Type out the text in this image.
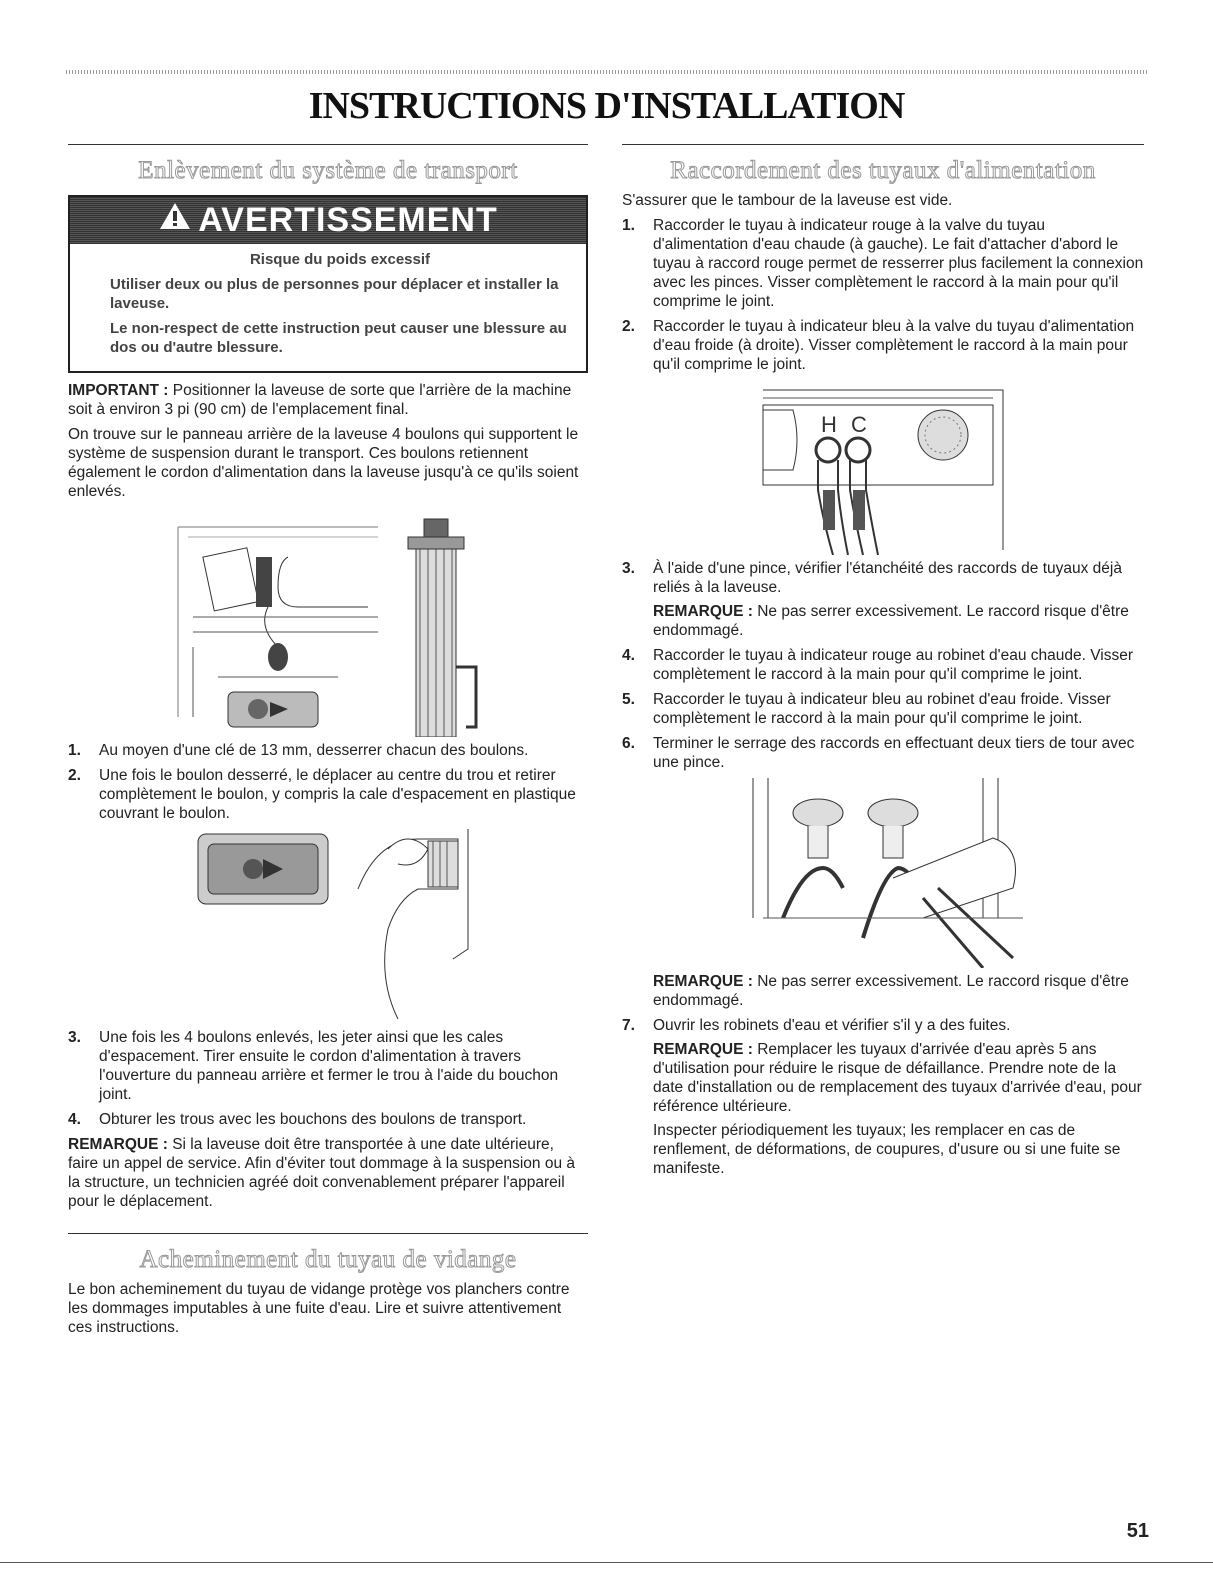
INSTRUCTIONS D'INSTALLATION
Enlèvement du système de transport
AVERTISSEMENT
Risque du poids excessif

Utiliser deux ou plus de personnes pour déplacer et installer la laveuse.

Le non-respect de cette instruction peut causer une blessure au dos ou d'autre blessure.

IMPORTANT : Positionner la laveuse de sorte que l'arrière de la machine soit à environ 3 pi (90 cm) de l'emplacement final.

On trouve sur le panneau arrière de la laveuse 4 boulons qui supportent le système de suspension durant le transport. Ces boulons retiennent également le cordon d'alimentation dans la laveuse jusqu'à ce qu'ils soient enlevés.

1. Au moyen d'une clé de 13 mm, desserrer chacun des boulons.
2. Une fois le boulon desserré, le déplacer au centre du trou et retirer complètement le boulon, y compris la cale d'espacement en plastique couvrant le boulon.
3. Une fois les 4 boulons enlevés, les jeter ainsi que les cales d'espacement. Tirer ensuite le cordon d'alimentation à travers l'ouverture du panneau arrière et fermer le trou à l'aide du bouchon joint.
4. Obturer les trous avec les bouchons des boulons de transport.

REMARQUE : Si la laveuse doit être transportée à une date ultérieure, faire un appel de service. Afin d'éviter tout dommage à la suspension ou à la structure, un technicien agréé doit convenablement préparer l'appareil pour le déplacement.

Acheminement du tuyau de vidange

Le bon acheminement du tuyau de vidange protège vos planchers contre les dommages imputables à une fuite d'eau. Lire et suivre attentivement ces instructions.

Raccordement des tuyaux d'alimentation

S'assurer que le tambour de la laveuse est vide.

1. Raccorder le tuyau à indicateur rouge à la valve du tuyau d'alimentation d'eau chaude (à gauche). Le fait d'attacher d'abord le tuyau à raccord rouge permet de resserrer plus facilement la connexion avec les pinces. Visser complètement le raccord à la main pour qu'il comprime le joint.
2. Raccorder le tuyau à indicateur bleu à la valve du tuyau d'alimentation d'eau froide (à droite). Visser complètement le raccord à la main pour qu'il comprime le joint.
H C
3. À l'aide d'une pince, vérifier l'étanchéité des raccords de tuyaux déjà reliés à la laveuse.
REMARQUE : Ne pas serrer excessivement. Le raccord risque d'être endommagé.
4. Raccorder le tuyau à indicateur rouge au robinet d'eau chaude. Visser complètement le raccord à la main pour qu'il comprime le joint.
5. Raccorder le tuyau à indicateur bleu au robinet d'eau froide. Visser complètement le raccord à la main pour qu'il comprime le joint.
6. Terminer le serrage des raccords en effectuant deux tiers de tour avec une pince.

REMARQUE : Ne pas serrer excessivement. Le raccord risque d'être endommagé.

7. Ouvrir les robinets d'eau et vérifier s'il y a des fuites.
REMARQUE : Remplacer les tuyaux d'arrivée d'eau après 5 ans d'utilisation pour réduire le risque de défaillance. Prendre note de la date d'installation ou de remplacement des tuyaux d'arrivée d'eau, pour référence ultérieure.
Inspecter périodiquement les tuyaux; les remplacer en cas de renflement, de déformations, de coupures, d'usure ou si une fuite se manifeste.
51
